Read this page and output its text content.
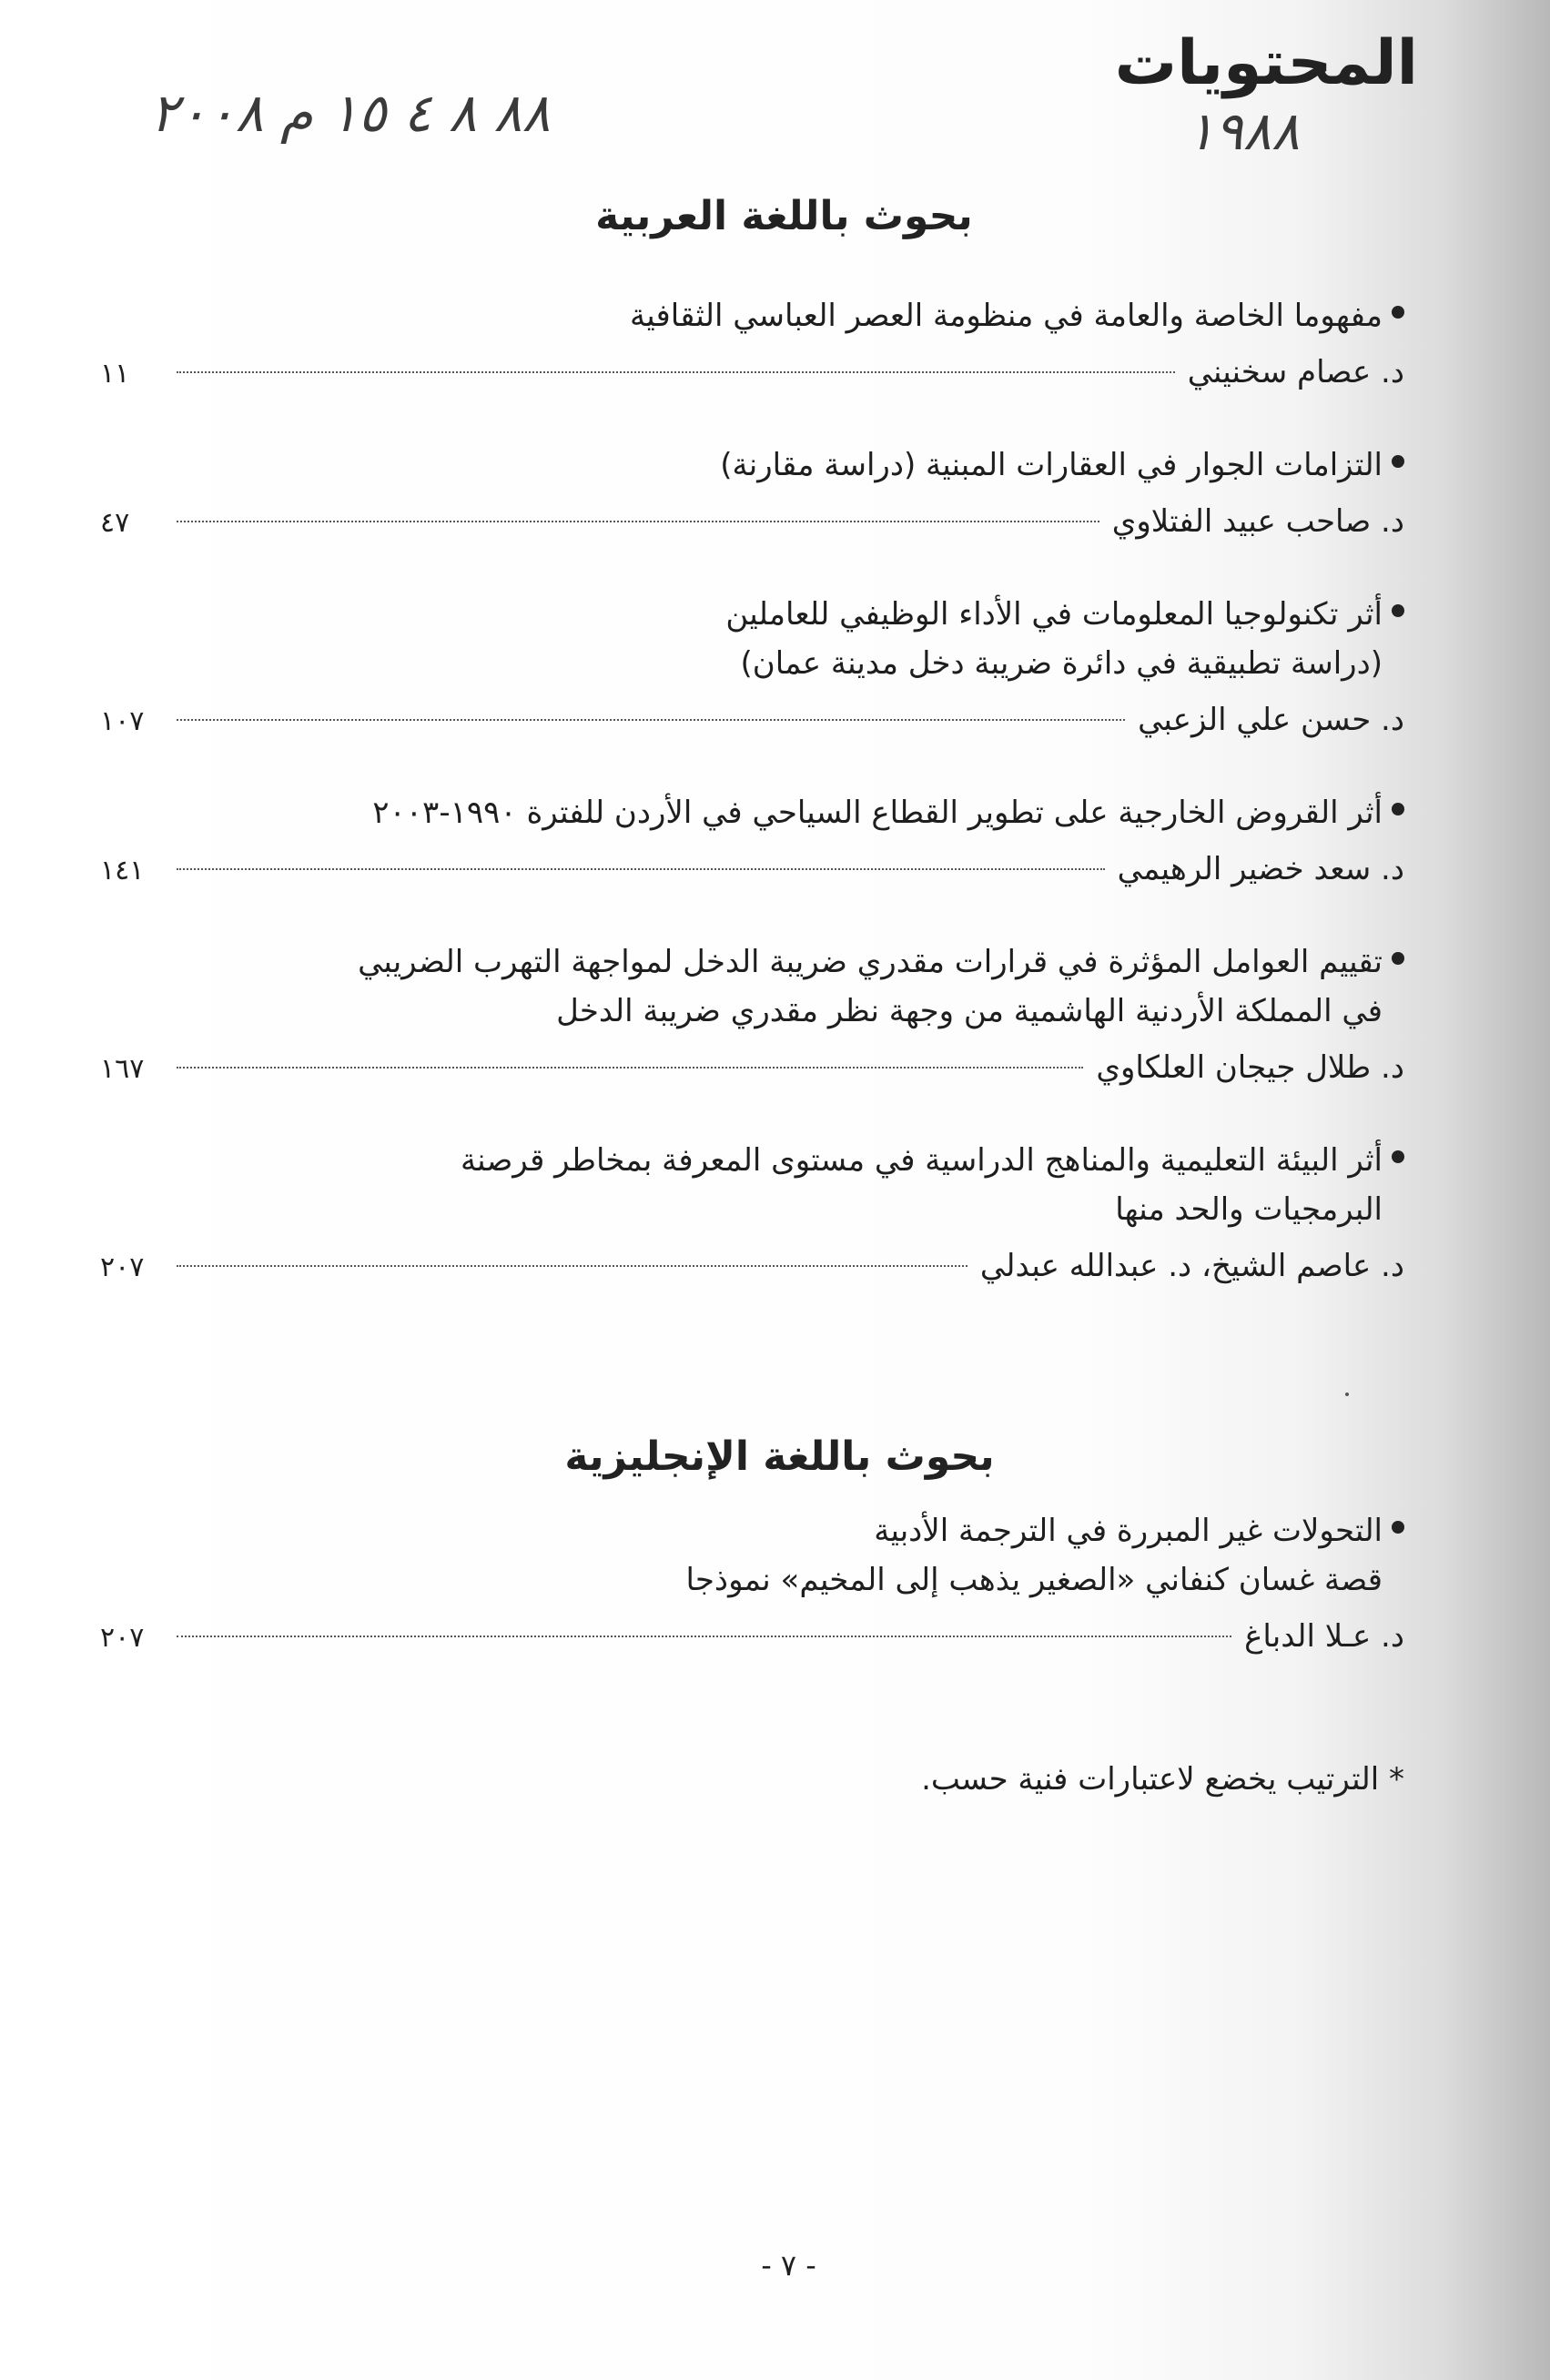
المحتويات
٨٨ ٨ ٤ ١٥ م ٢٠٠٨	١٩٨٨
بحوث باللغة العربية
مفهوما الخاصة والعامة في منظومة العصر العباسي الثقافية
د. عصام سخنيني
١١
التزامات الجوار في العقارات المبنية (دراسة مقارنة)
د. صاحب عبيد الفتلاوي
٤٧
أثر تكنولوجيا المعلومات في الأداء الوظيفي للعاملين
(دراسة تطبيقية في دائرة ضريبة دخل مدينة عمان)
د. حسن علي الزعبي
١٠٧
أثر القروض الخارجية على تطوير القطاع السياحي في الأردن للفترة ١٩٩٠-٢٠٠٣
د. سعد خضير الرهيمي
١٤١
تقييم العوامل المؤثرة في قرارات مقدري ضريبة الدخل لمواجهة التهرب الضريبي
في المملكة الأردنية الهاشمية من وجهة نظر مقدري ضريبة الدخل
د. طلال جيجان العلكاوي
١٦٧
أثر البيئة التعليمية والمناهج الدراسية في مستوى المعرفة بمخاطر قرصنة
البرمجيات والحد منها
د. عاصم الشيخ، د. عبدالله عبدلي
٢٠٧
بحوث باللغة الإنجليزية
التحولات غير المبررة في الترجمة الأدبية
قصة غسان كنفاني «الصغير يذهب إلى المخيم» نموذجا
د. عـلا الدباغ
٢٠٧
* الترتيب يخضع لاعتبارات فنية حسب.
- ٧ -
